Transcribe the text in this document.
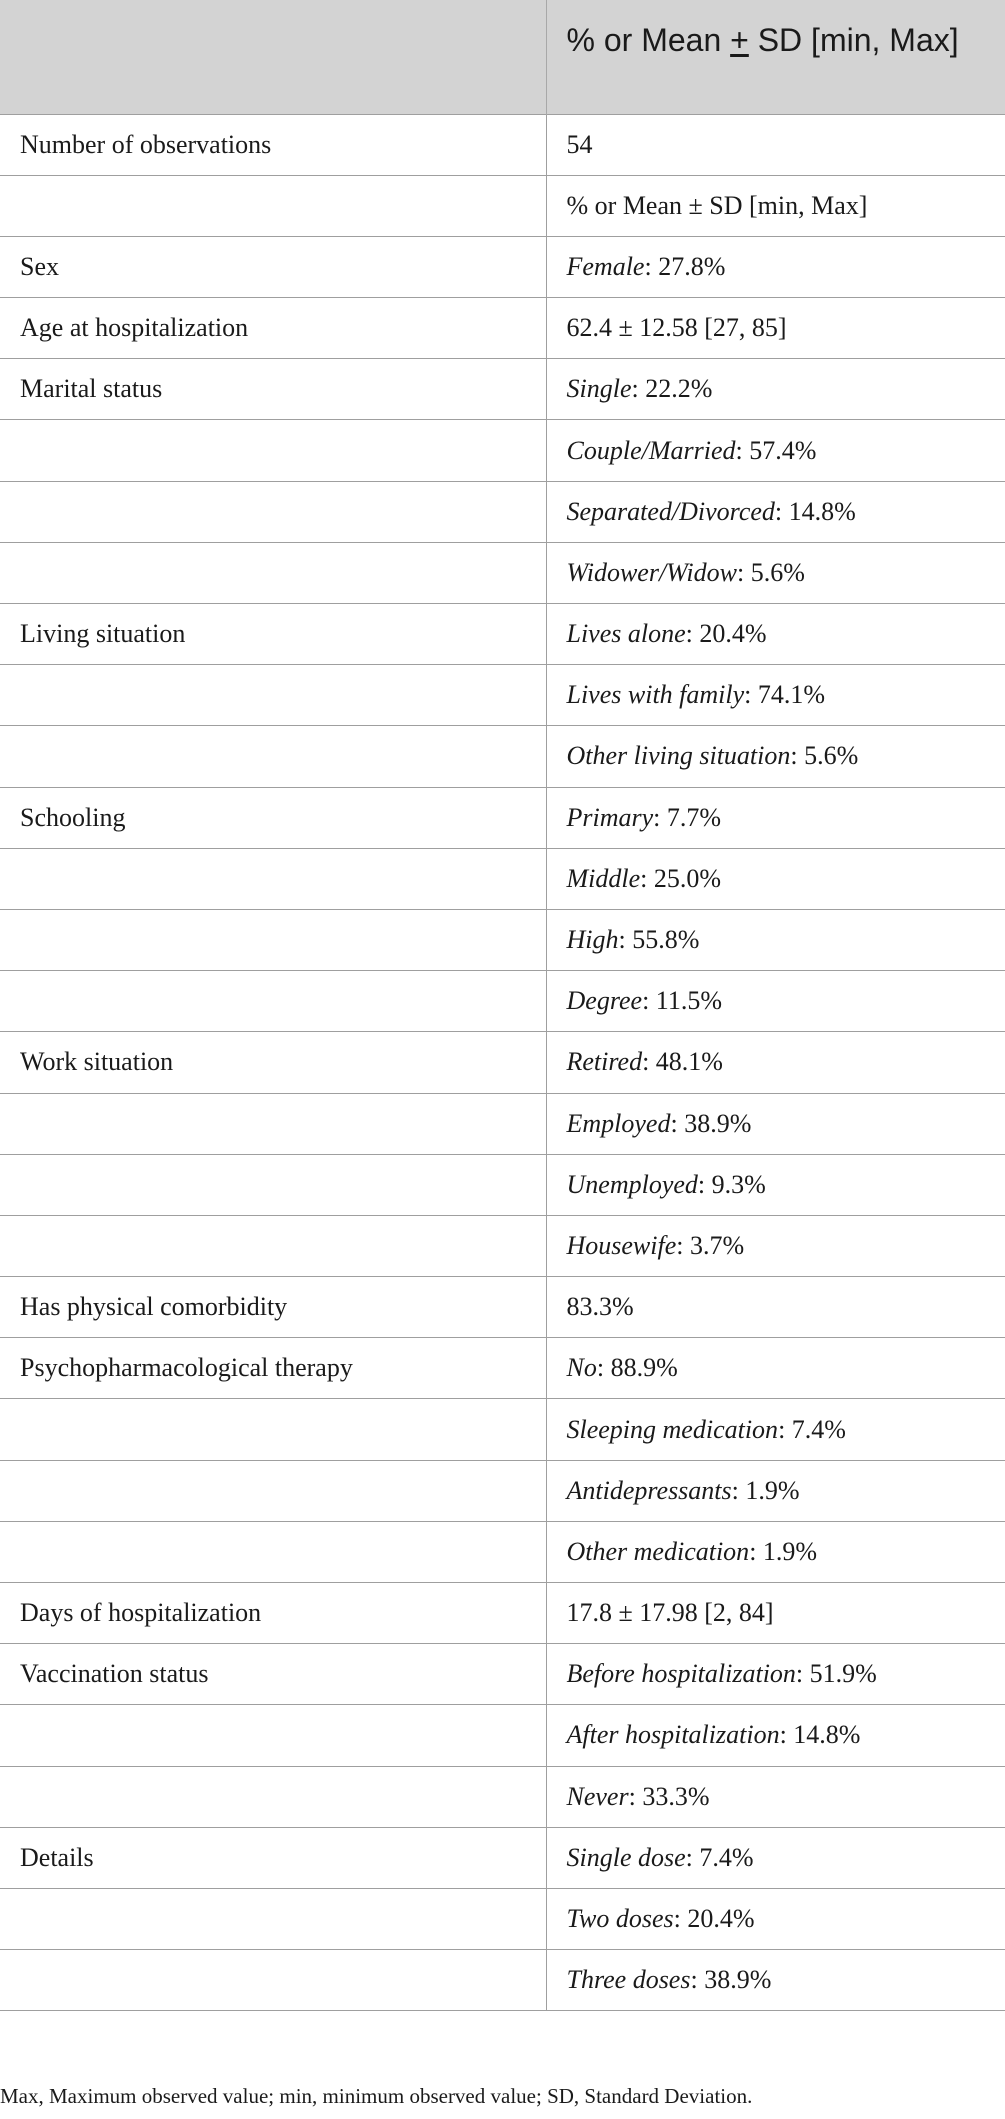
	% or Mean + SD [min, Max]
Number of observations	54
	% or Mean ± SD [min, Max]
Sex	Female: 27.8%
Age at hospitalization	62.4 ± 12.58 [27, 85]
Marital status	Single: 22.2%
	Couple/Married: 57.4%
	Separated/Divorced: 14.8%
	Widower/Widow: 5.6%
Living situation	Lives alone: 20.4%
	Lives with family: 74.1%
	Other living situation: 5.6%
Schooling	Primary: 7.7%
	Middle: 25.0%
	High: 55.8%
	Degree: 11.5%
Work situation	Retired: 48.1%
	Employed: 38.9%
	Unemployed: 9.3%
	Housewife: 3.7%
Has physical comorbidity	83.3%
Psychopharmacological therapy	No: 88.9%
	Sleeping medication: 7.4%
	Antidepressants: 1.9%
	Other medication: 1.9%
Days of hospitalization	17.8 ± 17.98 [2, 84]
Vaccination status	Before hospitalization: 51.9%
	After hospitalization: 14.8%
	Never: 33.3%
Details	Single dose: 7.4%
	Two doses: 20.4%
	Three doses: 38.9%
Max, Maximum observed value; min, minimum observed value; SD, Standard Deviation.
